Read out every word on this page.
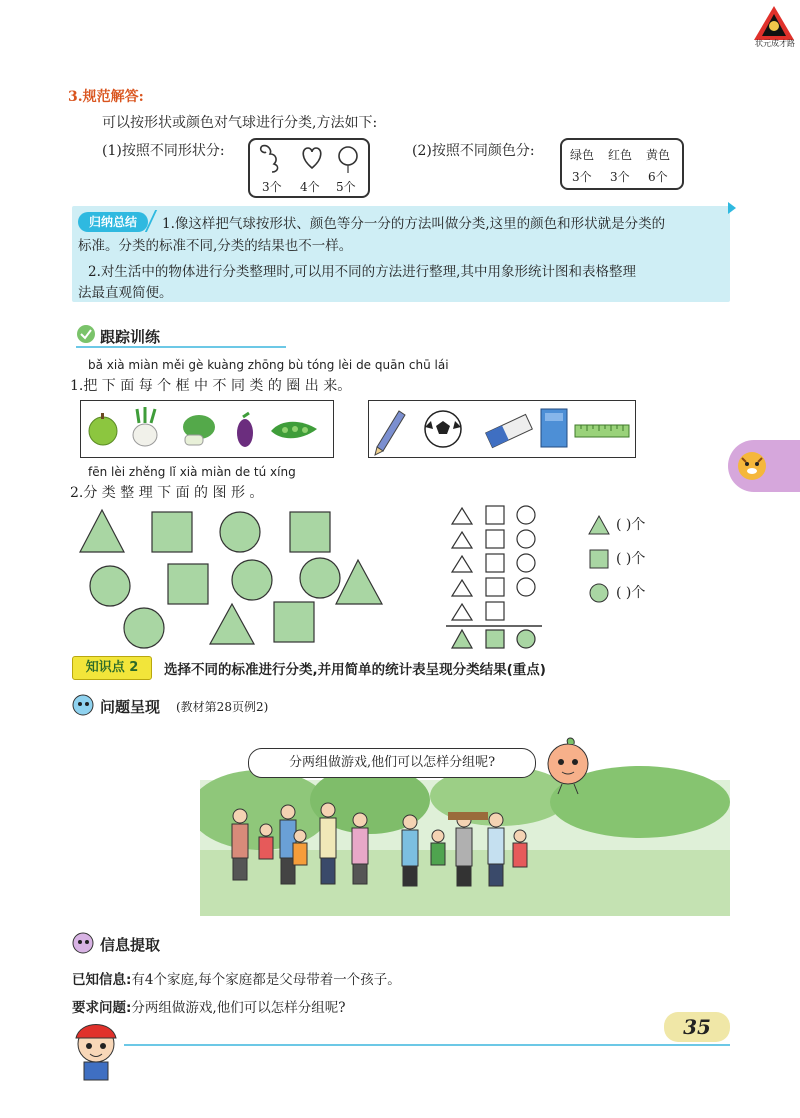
状元成才路
3.规范解答:
可以按形状或颜色对气球进行分类,方法如下:
(1)按照不同形状分:
3个 4个 5个
(2)按照不同颜色分:	绿色 红色 黄色
3个 3个 6个
归纳总结	1.像这样把气球按形状、颜色等分一分的方法叫做分类,这里的颜色和形状就是分类的
标准。分类的标准不同,分类的结果也不一样。
2.对生活中的物体进行分类整理时,可以用不同的方法进行整理,其中用象形统计图和表格整理
法最直观简便。
跟踪训练
bǎ xià miàn měi gè kuàng zhōng bù tóng lèi de quān chū lái
1.把 下 面 每 个 框 中 不 同 类 的 圈 出 来。
fēn lèi zhěng lǐ xià miàn de tú xíng
2.分 类 整 理 下 面 的 图 形 。
( )个
( )个
( )个
知识点 2	选择不同的标准进行分类,并用简单的统计表呈现分类结果(重点)
问题呈现 (教材第28页例2)
分两组做游戏,他们可以怎样分组呢?
信息提取
已知信息:有4个家庭,每个家庭都是父母带着一个孩子。
要求问题:分两组做游戏,他们可以怎样分组呢?
35
